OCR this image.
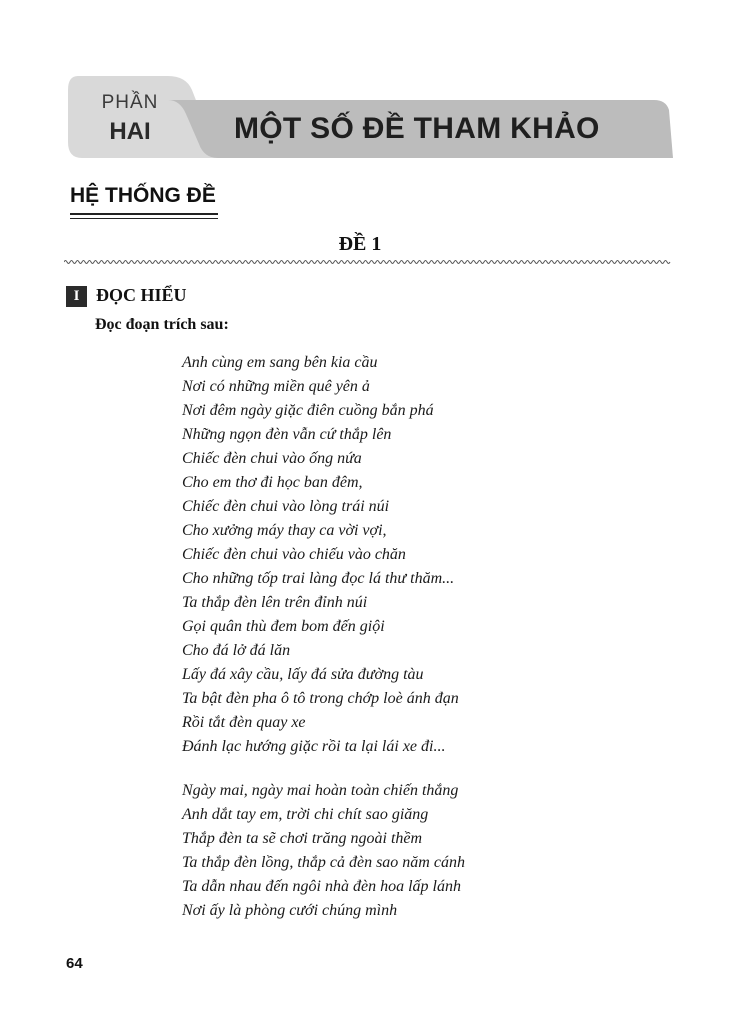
PHẦN
HAI	MỘT SỐ ĐỀ THAM KHẢO
HỆ THỐNG ĐỀ
ĐỀ 1
I ĐỌC HIỂU
Đọc đoạn trích sau:
Anh cùng em sang bên kia cầu
Nơi có những miền quê yên ả
Nơi đêm ngày giặc điên cuồng bắn phá
Những ngọn đèn vẫn cứ thắp lên
Chiếc đèn chui vào ống nứa
Cho em thơ đi học ban đêm,
Chiếc đèn chui vào lòng trái núi
Cho xưởng máy thay ca vời vợi,
Chiếc đèn chui vào chiếu vào chăn
Cho những tốp trai làng đọc lá thư thăm...
Ta thắp đèn lên trên đỉnh núi
Gọi quân thù đem bom đến giội
Cho đá lở đá lăn
Lấy đá xây cầu, lấy đá sửa đường tàu
Ta bật đèn pha ô tô trong chớp loè ánh đạn
Rồi tắt đèn quay xe
Đánh lạc hướng giặc rồi ta lại lái xe đi...
Ngày mai, ngày mai hoàn toàn chiến thắng
Anh dắt tay em, trời chi chít sao giăng
Thắp đèn ta sẽ chơi trăng ngoài thềm
Ta thắp đèn lồng, thắp cả đèn sao năm cánh
Ta dẫn nhau đến ngôi nhà đèn hoa lấp lánh
Nơi ấy là phòng cưới chúng mình
64
